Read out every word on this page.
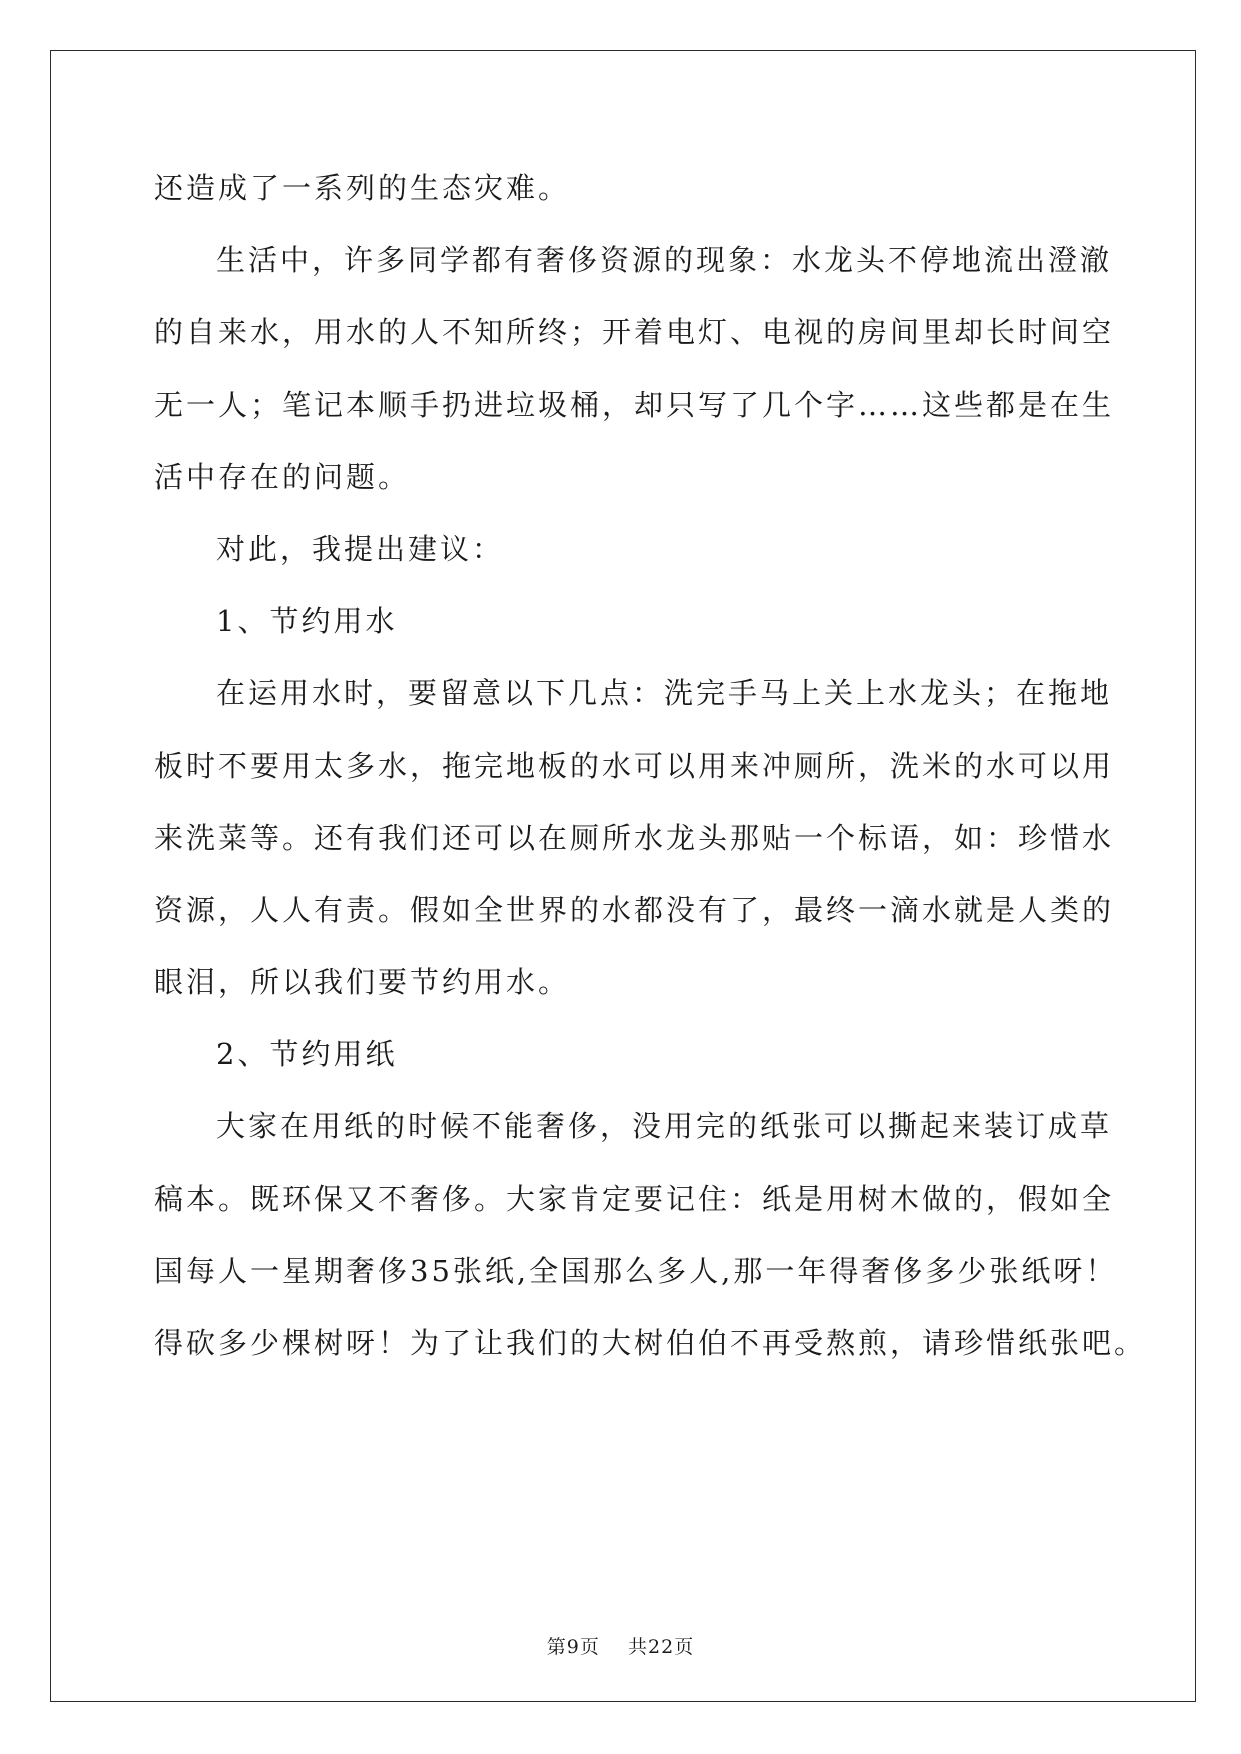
还造成了一系列的生态灾难。
生活中，许多同学都有奢侈资源的现象：水龙头不停地流出澄澈
的自来水，用水的人不知所终；开着电灯、电视的房间里却长时间空
无一人；笔记本顺手扔进垃圾桶，却只写了几个字……这些都是在生
活中存在的问题。
对此，我提出建议：
1、节约用水
在运用水时，要留意以下几点：洗完手马上关上水龙头；在拖地
板时不要用太多水，拖完地板的水可以用来冲厕所，洗米的水可以用
来洗菜等。还有我们还可以在厕所水龙头那贴一个标语，如：珍惜水
资源，人人有责。假如全世界的水都没有了，最终一滴水就是人类的
眼泪，所以我们要节约用水。
2、节约用纸
大家在用纸的时候不能奢侈，没用完的纸张可以撕起来装订成草
稿本。既环保又不奢侈。大家肯定要记住：纸是用树木做的，假如全
国每人一星期奢侈35张纸,全国那么多人,那一年得奢侈多少张纸呀！
得砍多少棵树呀！为了让我们的大树伯伯不再受熬煎，请珍惜纸张吧。
第9页 共22页
